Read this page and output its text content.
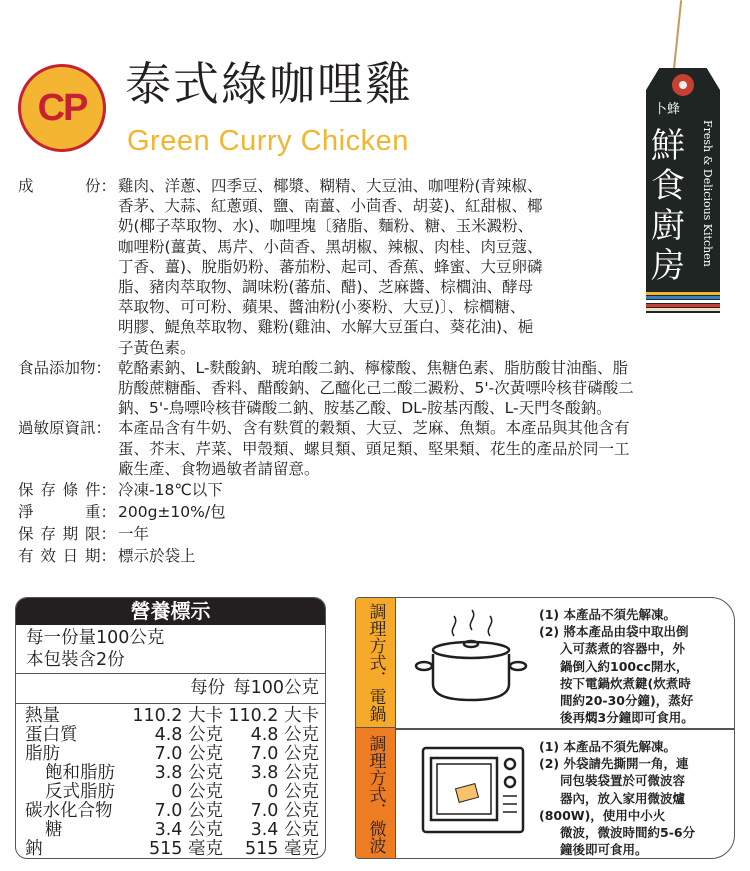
CP 泰式綠咖哩雞
Green Curry Chicken
卜蜂
鮮食廚房	Fresh & Delicious Kitchen
成	份： 雞肉、洋蔥、四季豆、椰漿、糊精、大豆油、咖哩粉(青辣椒、
香茅、大蒜、紅蔥頭、鹽、南薑、小茴香、胡荽)、紅甜椒、椰
奶(椰子萃取物、水)、咖哩塊〔豬脂、麵粉、糖、玉米澱粉、
咖哩粉(薑黃、馬芹、小茴香、黑胡椒、辣椒、肉桂、肉豆蔻、
丁香、薑)、脫脂奶粉、蕃茄粉、起司、香蕉、蜂蜜、大豆卵磷
脂、豬肉萃取物、調味粉(蕃茄、醋)、芝麻醬、棕櫚油、酵母
萃取物、可可粉、蘋果、醬油粉(小麥粉、大豆)〕、棕櫚糖、
明膠、鯷魚萃取物、雞粉(雞油、水解大豆蛋白、葵花油)、梔
子黃色素。
食品添加物： 乾酪素鈉、L-麩酸鈉、琥珀酸二鈉、檸檬酸、焦糖色素、脂肪酸甘油酯、脂
肪酸蔗糖酯、香料、醋酸鈉、乙醯化己二酸二澱粉、5'-次黃嘌呤核苷磷酸二
鈉、5'-鳥嘌呤核苷磷酸二鈉、胺基乙酸、DL-胺基丙酸、L-天門冬酸鈉。
過敏原資訊： 本產品含有牛奶、含有麩質的穀類、大豆、芝麻、魚類。本產品與其他含有
蛋、芥末、芹菜、甲殼類、螺貝類、頭足類、堅果類、花生的產品於同一工
廠生產、食物過敏者請留意。
保 存 條 件： 冷凍-18℃以下
淨	重： 200g±10%/包
保 存 期 限： 一年
有 效 日 期： 標示於袋上
營養標示
每一份量100公克
本包裝含2份
每份 每100公克
熱量	110.2 大卡 110.2 大卡
蛋白質	4.8 公克	4.8 公克
脂肪	7.0 公克	7.0 公克
飽和脂肪	3.8 公克	3.8 公克
反式脂肪	0 公克	0 公克
碳水化合物	7.0 公克	7.0 公克
糖	3.4 公克	3.4 公克
鈉	515 毫克	515 毫克
調理方式．電鍋
調理方式．微波
(1) 本產品不須先解凍。
(2) 將本產品由袋中取出倒
入可蒸煮的容器中，外
鍋倒入約100cc開水，
按下電鍋炊煮鍵(炊煮時
間約20-30分鐘)，蒸好
後再燜3分鐘即可食用。
(1) 本產品不須先解凍。
(2) 外袋請先撕開一角，連
同包裝袋置於可微波容
器內，放入家用微波爐
(800W)，使用中小火
微波，微波時間約5-6分
鐘後即可食用。
